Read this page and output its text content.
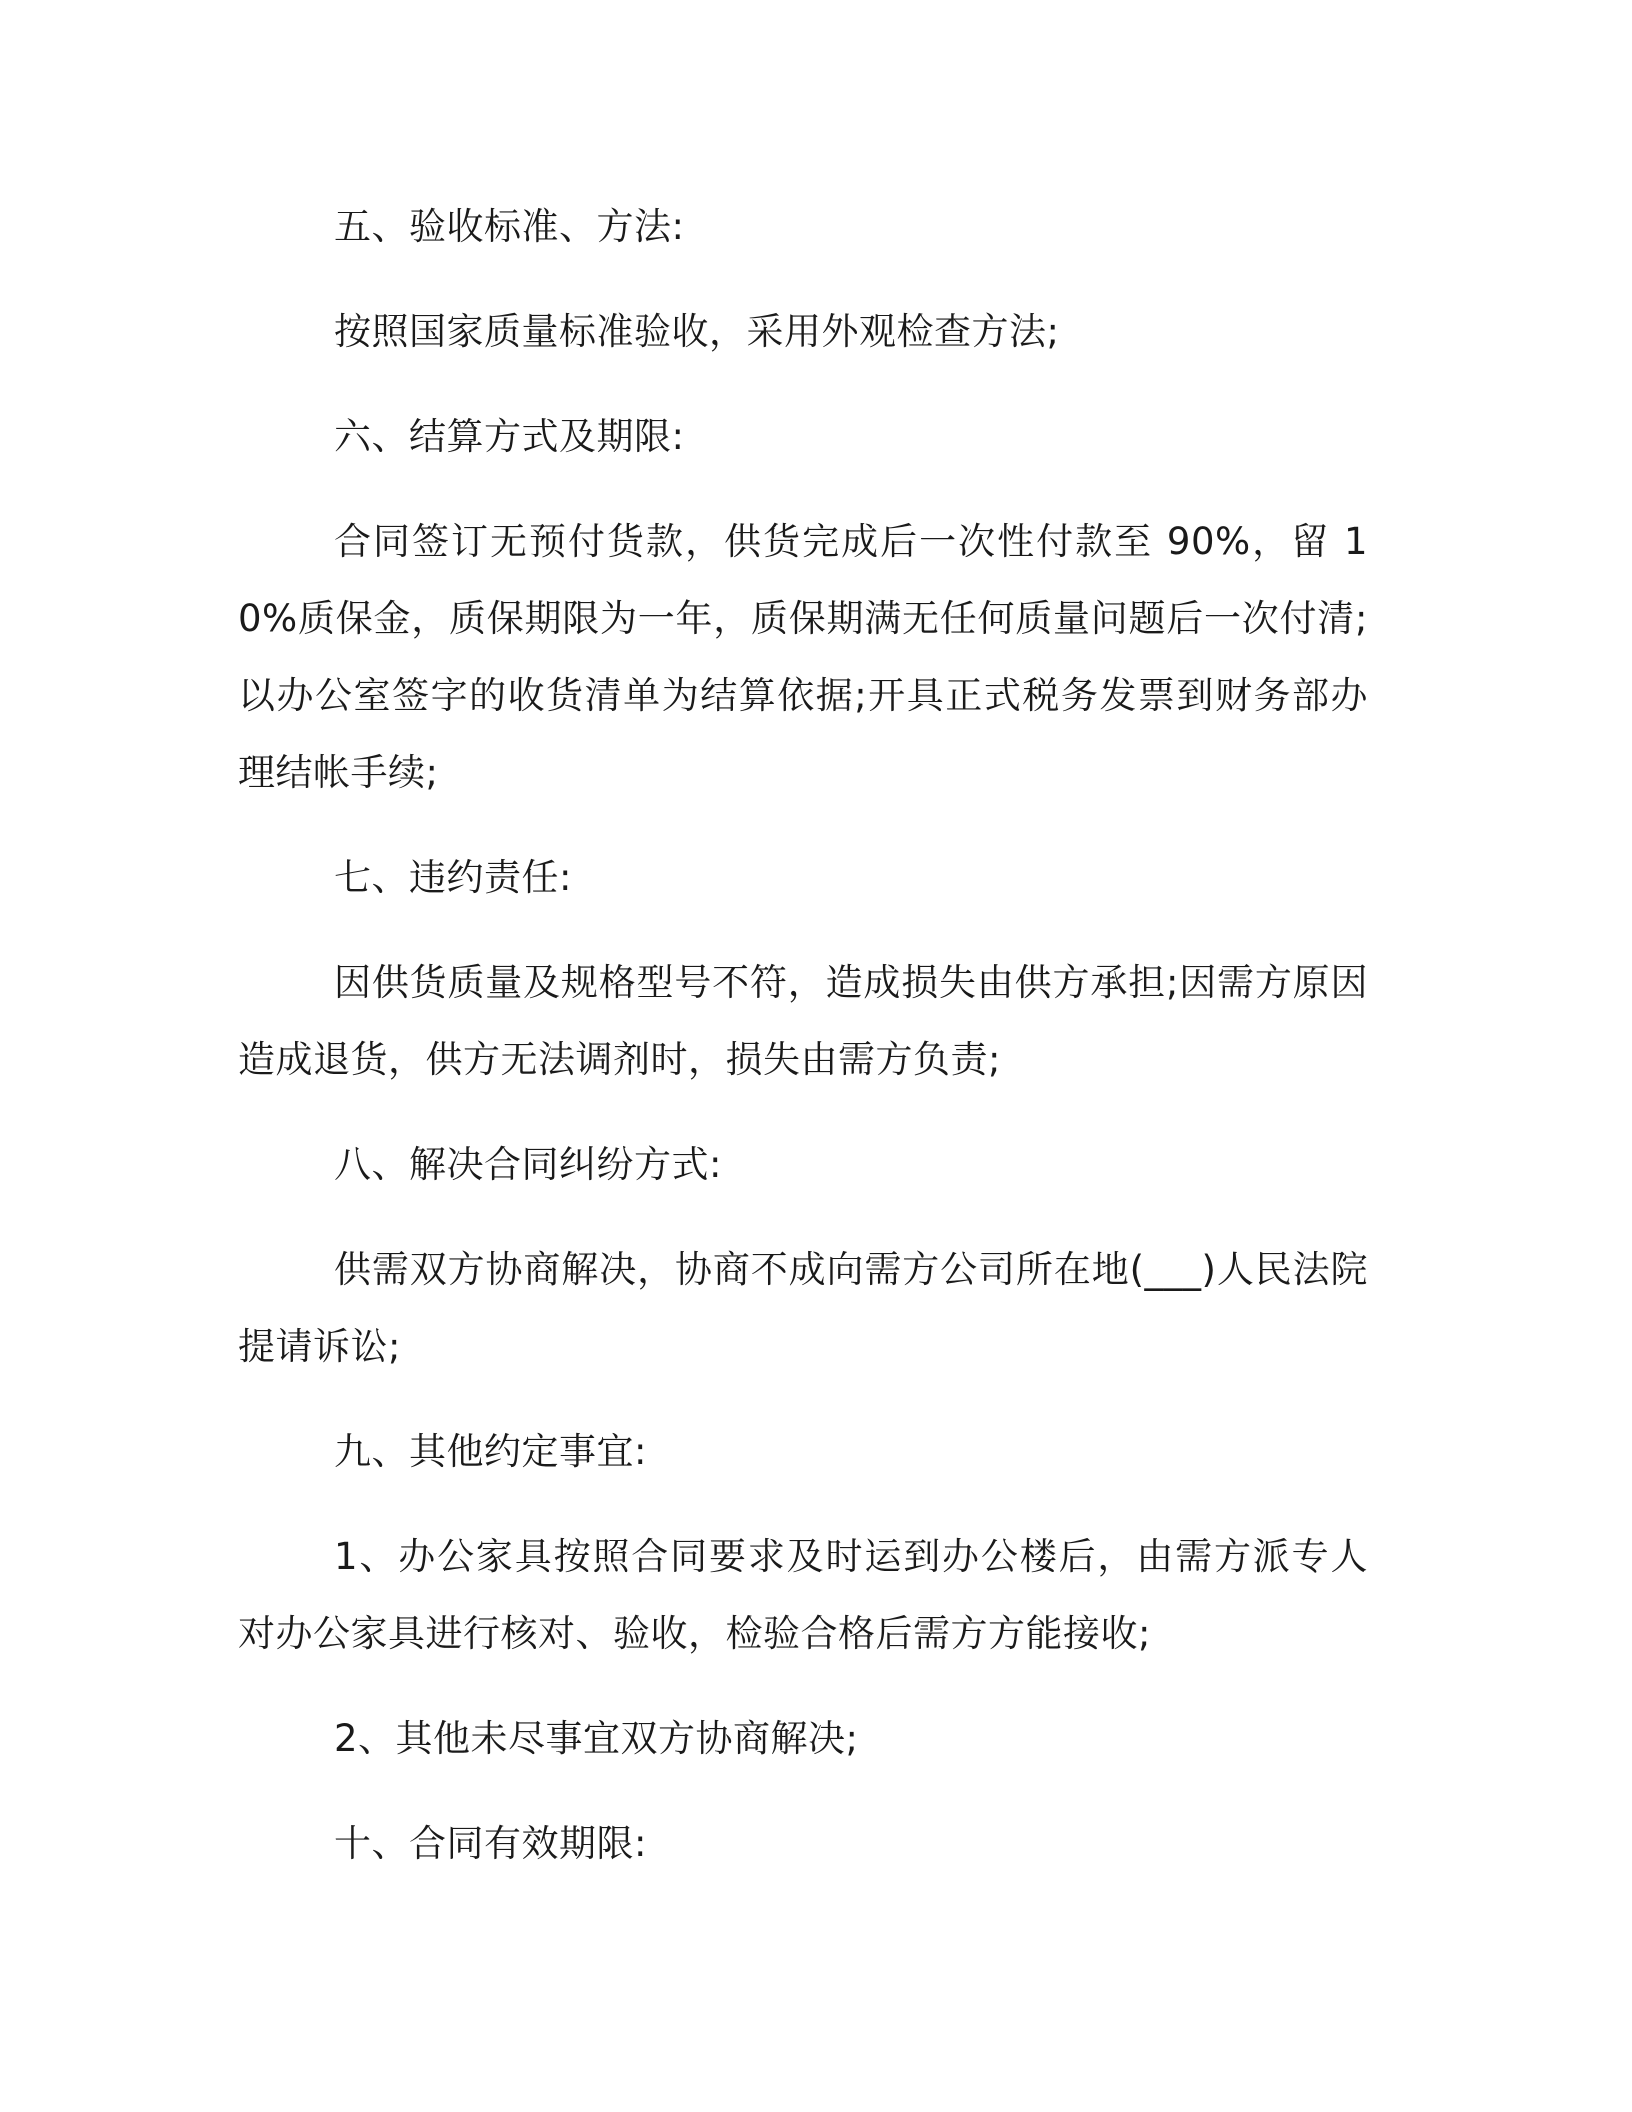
五、验收标准、方法:

按照国家质量标准验收，采用外观检查方法;

六、结算方式及期限:

合同签订无预付货款，供货完成后一次性付款至 90%，留 10%质保金，质保期限为一年，质保期满无任何质量问题后一次付清;以办公室签字的收货清单为结算依据;开具正式税务发票到财务部办理结帐手续;

七、违约责任:

因供货质量及规格型号不符，造成损失由供方承担;因需方原因造成退货，供方无法调剂时，损失由需方负责;

八、解决合同纠纷方式:

供需双方协商解决，协商不成向需方公司所在地(___)人民法院提请诉讼;

九、其他约定事宜:

1、办公家具按照合同要求及时运到办公楼后，由需方派专人对办公家具进行核对、验收，检验合格后需方方能接收;

2、其他未尽事宜双方协商解决;

十、合同有效期限:
